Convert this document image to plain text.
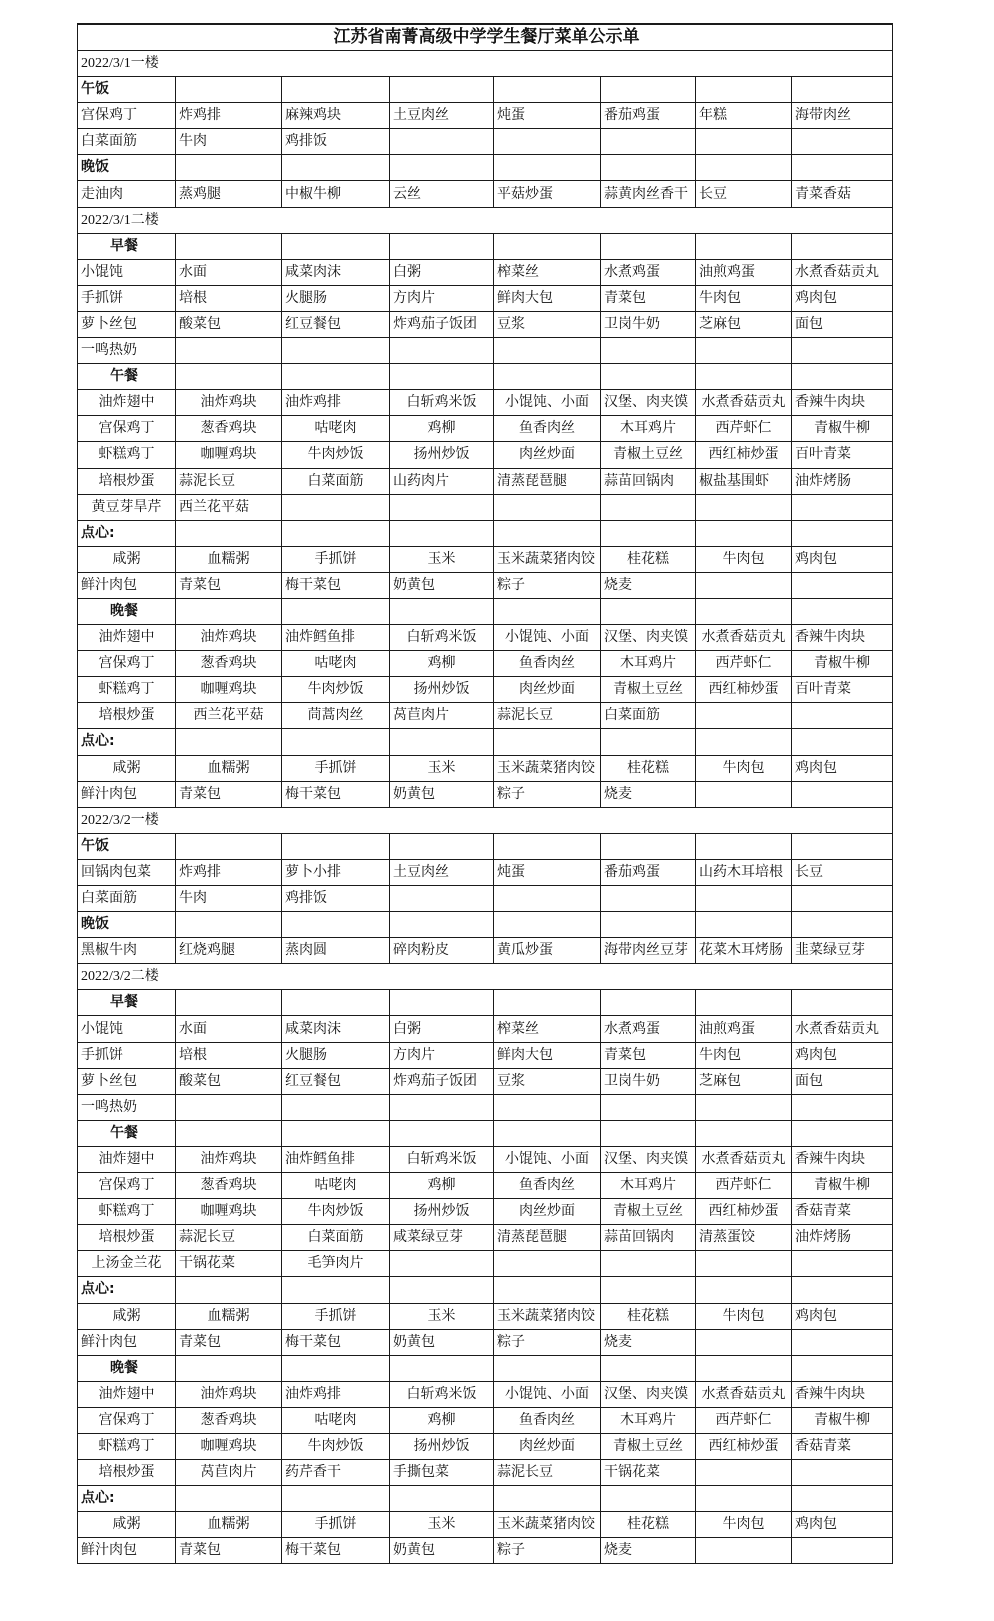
江苏省南菁高级中学学生餐厅菜单公示单							
2022/3/1一楼							
午饭							
宫保鸡丁	炸鸡排	麻辣鸡块	土豆肉丝	炖蛋	番茄鸡蛋	年糕	海带肉丝
白菜面筋	牛肉	鸡排饭					
晚饭							
走油肉	蒸鸡腿	中椒牛柳	云丝	平菇炒蛋	蒜黄肉丝香干	长豆	青菜香菇
2022/3/1二楼							
早餐							
小馄饨	水面	咸菜肉沫	白粥	榨菜丝	水煮鸡蛋	油煎鸡蛋	水煮香菇贡丸
手抓饼	培根	火腿肠	方肉片	鲜肉大包	青菜包	牛肉包	鸡肉包
萝卜丝包	酸菜包	红豆餐包	炸鸡茄子饭团	豆浆	卫岗牛奶	芝麻包	面包
一鸣热奶							
午餐							
油炸翅中	油炸鸡块	油炸鸡排	白斩鸡米饭	小馄饨、小面	汉堡、肉夹馍	水煮香菇贡丸	香辣牛肉块
宫保鸡丁	葱香鸡块	咕咾肉	鸡柳	鱼香肉丝	木耳鸡片	西芹虾仁	青椒牛柳
虾糕鸡丁	咖喱鸡块	牛肉炒饭	扬州炒饭	肉丝炒面	青椒土豆丝	西红柿炒蛋	百叶青菜
培根炒蛋	蒜泥长豆	白菜面筋	山药肉片	清蒸琵琶腿	蒜苗回锅肉	椒盐基围虾	油炸烤肠
黄豆芽旱芹	西兰花平菇						
点心:							
咸粥	血糯粥	手抓饼	玉米	玉米蔬菜猪肉饺	桂花糕	牛肉包	鸡肉包
鲜汁肉包	青菜包	梅干菜包	奶黄包	粽子	烧麦		
晚餐							
油炸翅中	油炸鸡块	油炸鳕鱼排	白斩鸡米饭	小馄饨、小面	汉堡、肉夹馍	水煮香菇贡丸	香辣牛肉块
宫保鸡丁	葱香鸡块	咕咾肉	鸡柳	鱼香肉丝	木耳鸡片	西芹虾仁	青椒牛柳
虾糕鸡丁	咖喱鸡块	牛肉炒饭	扬州炒饭	肉丝炒面	青椒土豆丝	西红柿炒蛋	百叶青菜
培根炒蛋	西兰花平菇	茼蒿肉丝	莴苣肉片	蒜泥长豆	白菜面筋		
点心:							
咸粥	血糯粥	手抓饼	玉米	玉米蔬菜猪肉饺	桂花糕	牛肉包	鸡肉包
鲜汁肉包	青菜包	梅干菜包	奶黄包	粽子	烧麦		
2022/3/2一楼							
午饭							
回锅肉包菜	炸鸡排	萝卜小排	土豆肉丝	炖蛋	番茄鸡蛋	山药木耳培根	长豆
白菜面筋	牛肉	鸡排饭					
晚饭							
黑椒牛肉	红烧鸡腿	蒸肉圆	碎肉粉皮	黄瓜炒蛋	海带肉丝豆芽	花菜木耳烤肠	韭菜绿豆芽
2022/3/2二楼							
早餐							
小馄饨	水面	咸菜肉沫	白粥	榨菜丝	水煮鸡蛋	油煎鸡蛋	水煮香菇贡丸
手抓饼	培根	火腿肠	方肉片	鲜肉大包	青菜包	牛肉包	鸡肉包
萝卜丝包	酸菜包	红豆餐包	炸鸡茄子饭团	豆浆	卫岗牛奶	芝麻包	面包
一鸣热奶							
午餐							
油炸翅中	油炸鸡块	油炸鳕鱼排	白斩鸡米饭	小馄饨、小面	汉堡、肉夹馍	水煮香菇贡丸	香辣牛肉块
宫保鸡丁	葱香鸡块	咕咾肉	鸡柳	鱼香肉丝	木耳鸡片	西芹虾仁	青椒牛柳
虾糕鸡丁	咖喱鸡块	牛肉炒饭	扬州炒饭	肉丝炒面	青椒土豆丝	西红柿炒蛋	香菇青菜
培根炒蛋	蒜泥长豆	白菜面筋	咸菜绿豆芽	清蒸琵琶腿	蒜苗回锅肉	清蒸蛋饺	油炸烤肠
上汤金兰花	干锅花菜	毛笋肉片					
点心:							
咸粥	血糯粥	手抓饼	玉米	玉米蔬菜猪肉饺	桂花糕	牛肉包	鸡肉包
鲜汁肉包	青菜包	梅干菜包	奶黄包	粽子	烧麦		
晚餐							
油炸翅中	油炸鸡块	油炸鸡排	白斩鸡米饭	小馄饨、小面	汉堡、肉夹馍	水煮香菇贡丸	香辣牛肉块
宫保鸡丁	葱香鸡块	咕咾肉	鸡柳	鱼香肉丝	木耳鸡片	西芹虾仁	青椒牛柳
虾糕鸡丁	咖喱鸡块	牛肉炒饭	扬州炒饭	肉丝炒面	青椒土豆丝	西红柿炒蛋	香菇青菜
培根炒蛋	莴苣肉片	药芹香干	手撕包菜	蒜泥长豆	干锅花菜		
点心:							
咸粥	血糯粥	手抓饼	玉米	玉米蔬菜猪肉饺	桂花糕	牛肉包	鸡肉包
鲜汁肉包	青菜包	梅干菜包	奶黄包	粽子	烧麦		
